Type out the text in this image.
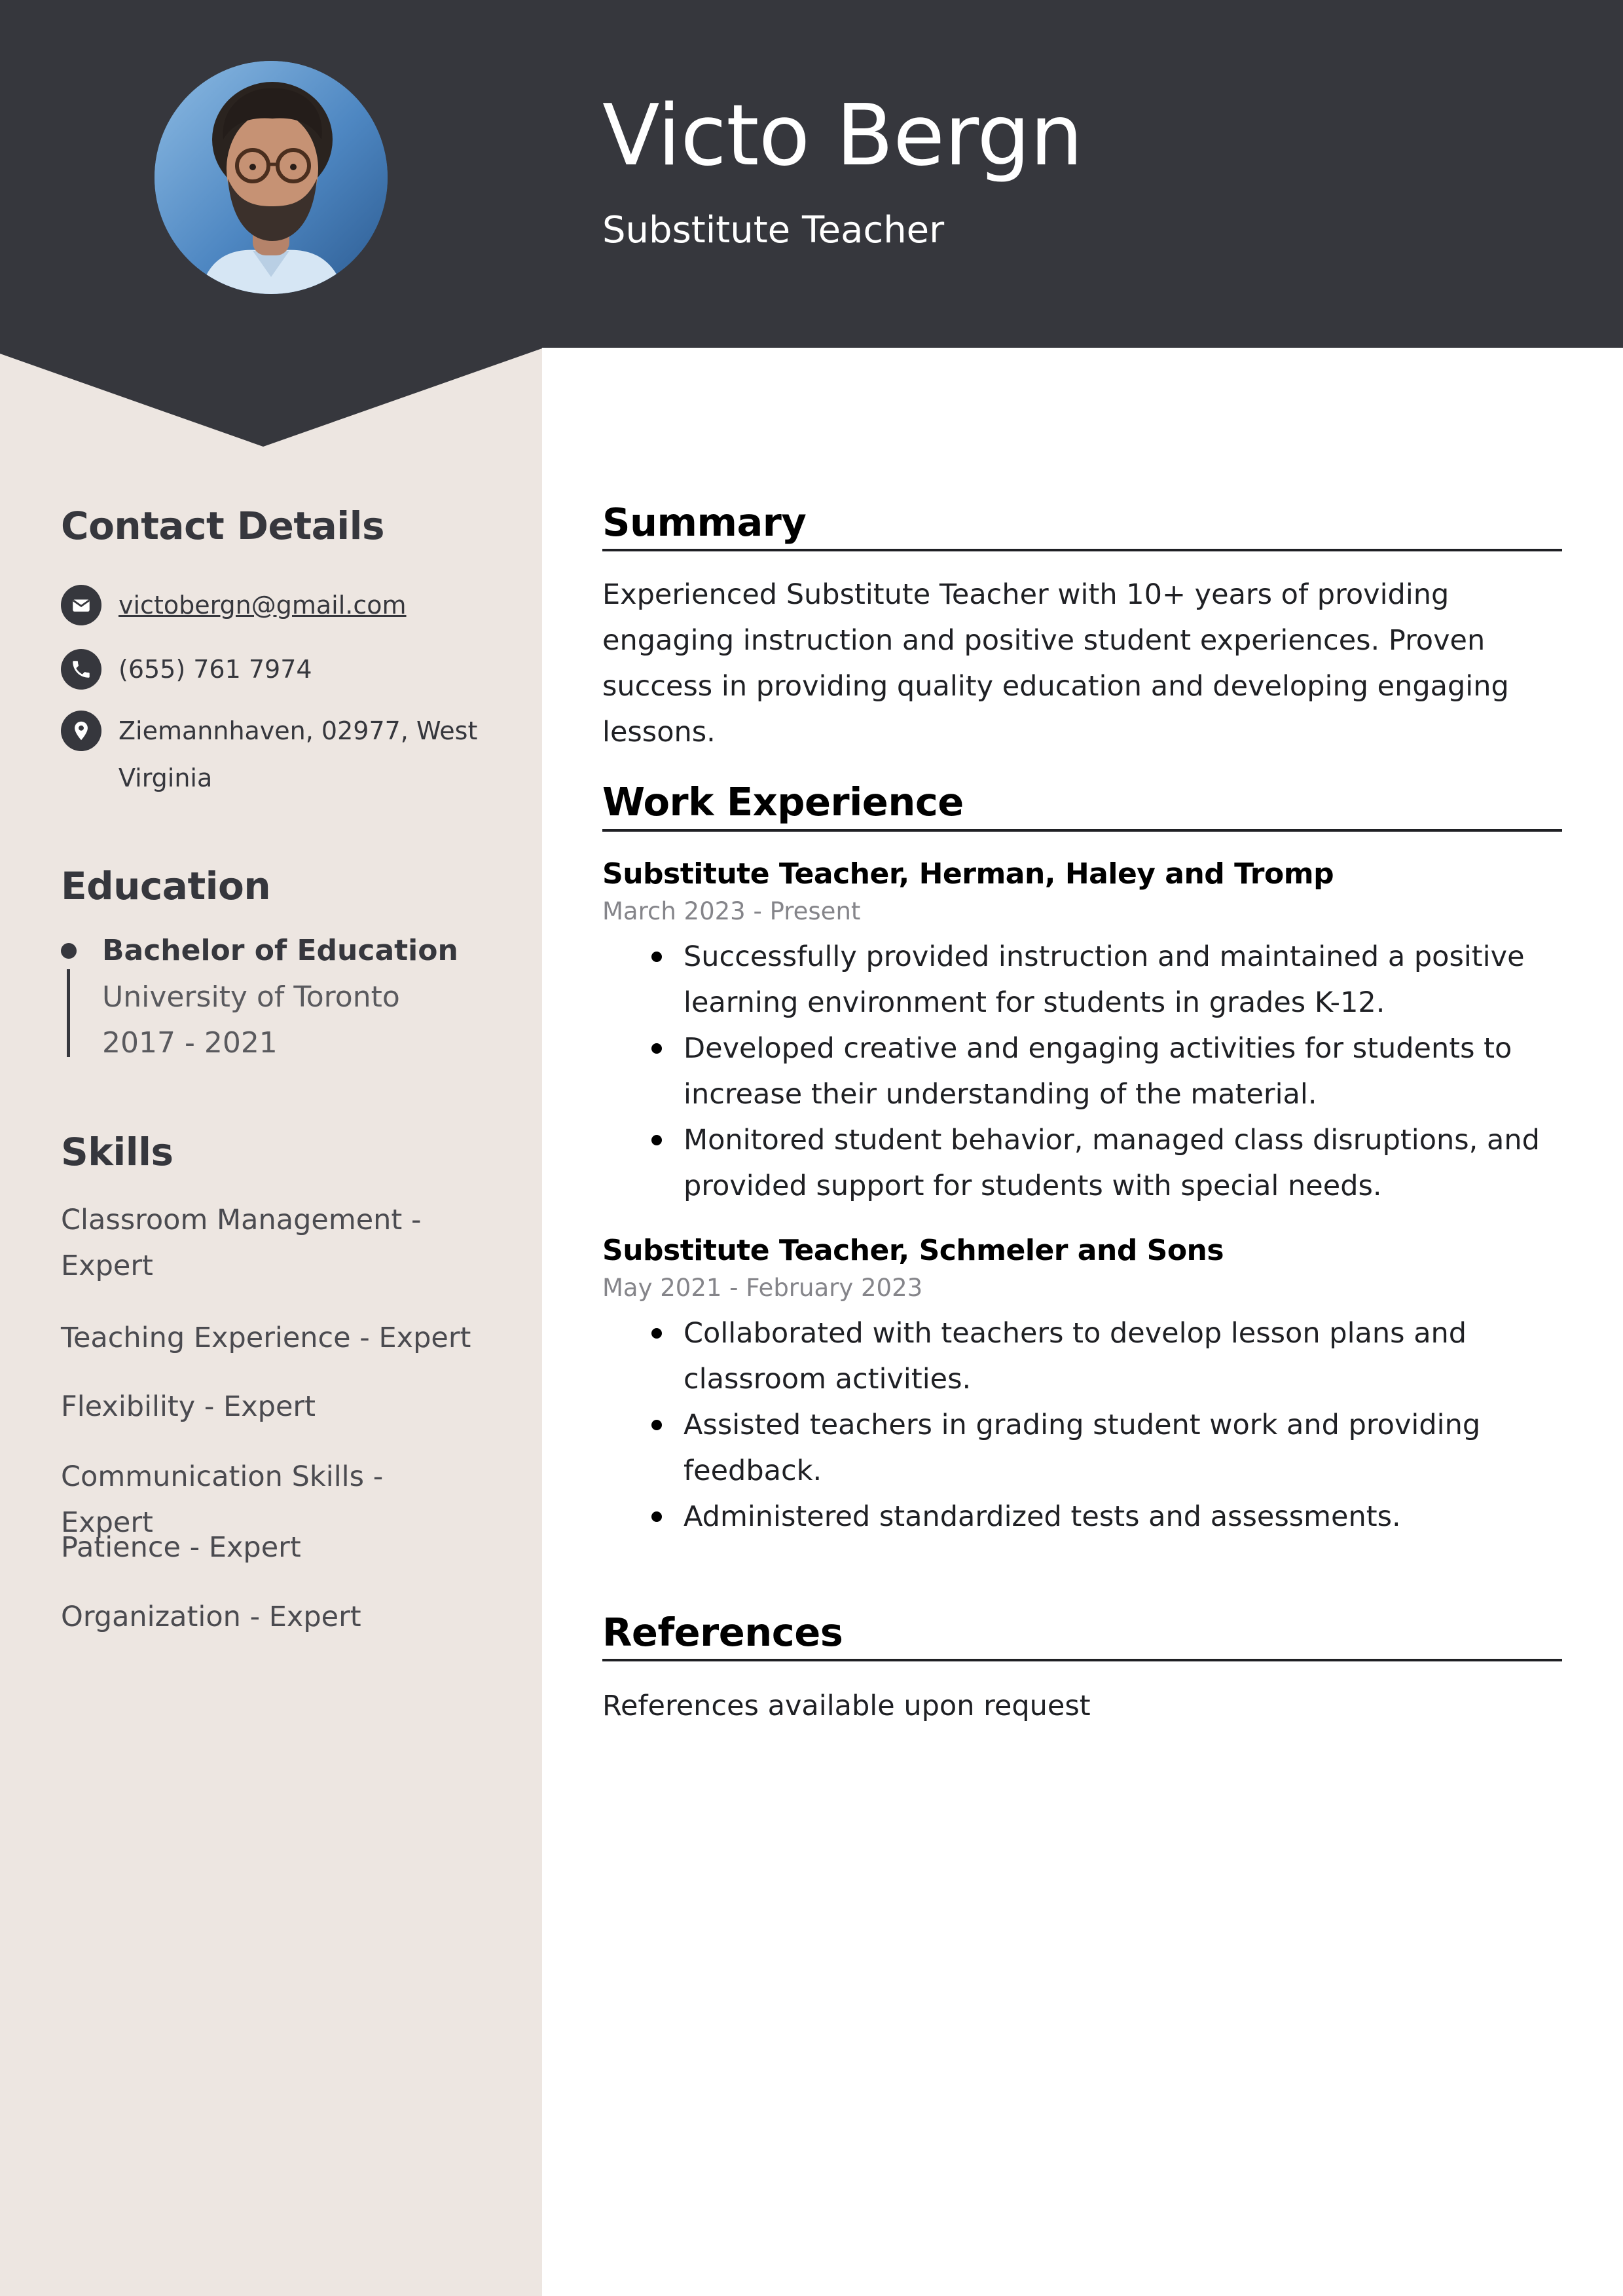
Victo Bergn
Substitute Teacher
Contact Details
victobergn@gmail.com
(655) 761 7974
Ziemannhaven, 02977, West
Virginia
Education
Bachelor of Education
University of Toronto
2017 - 2021
Skills
Classroom Management - Expert
Teaching Experience - Expert
Flexibility - Expert
Communication Skills - Expert
Patience - Expert
Organization - Expert
Summary

Experienced Substitute Teacher with 10+ years of providing engaging instruction and positive student experiences. Proven success in providing quality education and developing engaging lessons.

Work Experience
Substitute Teacher, Herman, Haley and Tromp
March 2023 - Present
Successfully provided instruction and maintained a positive learning environment for students in grades K-12.
Developed creative and engaging activities for students to increase their understanding of the material.
Monitored student behavior, managed class disruptions, and provided support for students with special needs.
Substitute Teacher, Schmeler and Sons
May 2021 - February 2023
Collaborated with teachers to develop lesson plans and classroom activities.
Assisted teachers in grading student work and providing feedback.
Administered standardized tests and assessments.
References

References available upon request
